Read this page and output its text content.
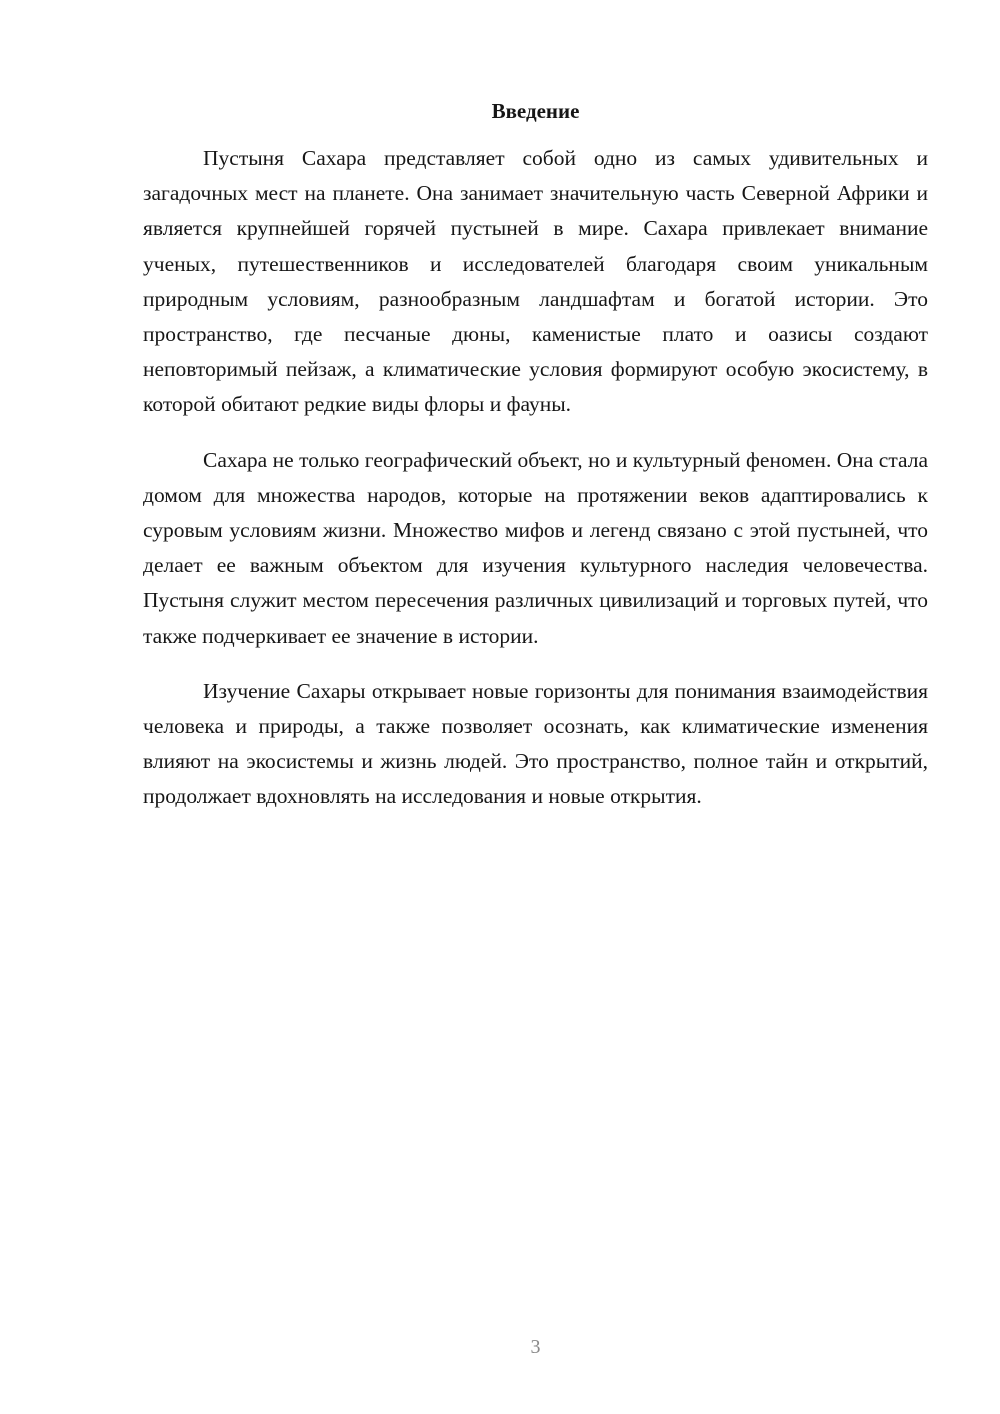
Введение

Пустыня Сахара представляет собой одно из самых удивительных и загадочных мест на планете. Она занимает значительную часть Северной Африки и является крупнейшей горячей пустыней в мире. Сахара привлекает внимание ученых, путешественников и исследователей благодаря своим уникальным природным условиям, разнообразным ландшафтам и богатой истории. Это пространство, где песчаные дюны, каменистые плато и оазисы создают неповторимый пейзаж, а климатические условия формируют особую экосистему, в которой обитают редкие виды флоры и фауны.

Сахара не только географический объект, но и культурный феномен. Она стала домом для множества народов, которые на протяжении веков адаптировались к суровым условиям жизни. Множество мифов и легенд связано с этой пустыней, что делает ее важным объектом для изучения культурного наследия человечества. Пустыня служит местом пересечения различных цивилизаций и торговых путей, что также подчеркивает ее значение в истории.

Изучение Сахары открывает новые горизонты для понимания взаимодействия человека и природы, а также позволяет осознать, как климатические изменения влияют на экосистемы и жизнь людей. Это пространство, полное тайн и открытий, продолжает вдохновлять на исследования и новые открытия.

3
